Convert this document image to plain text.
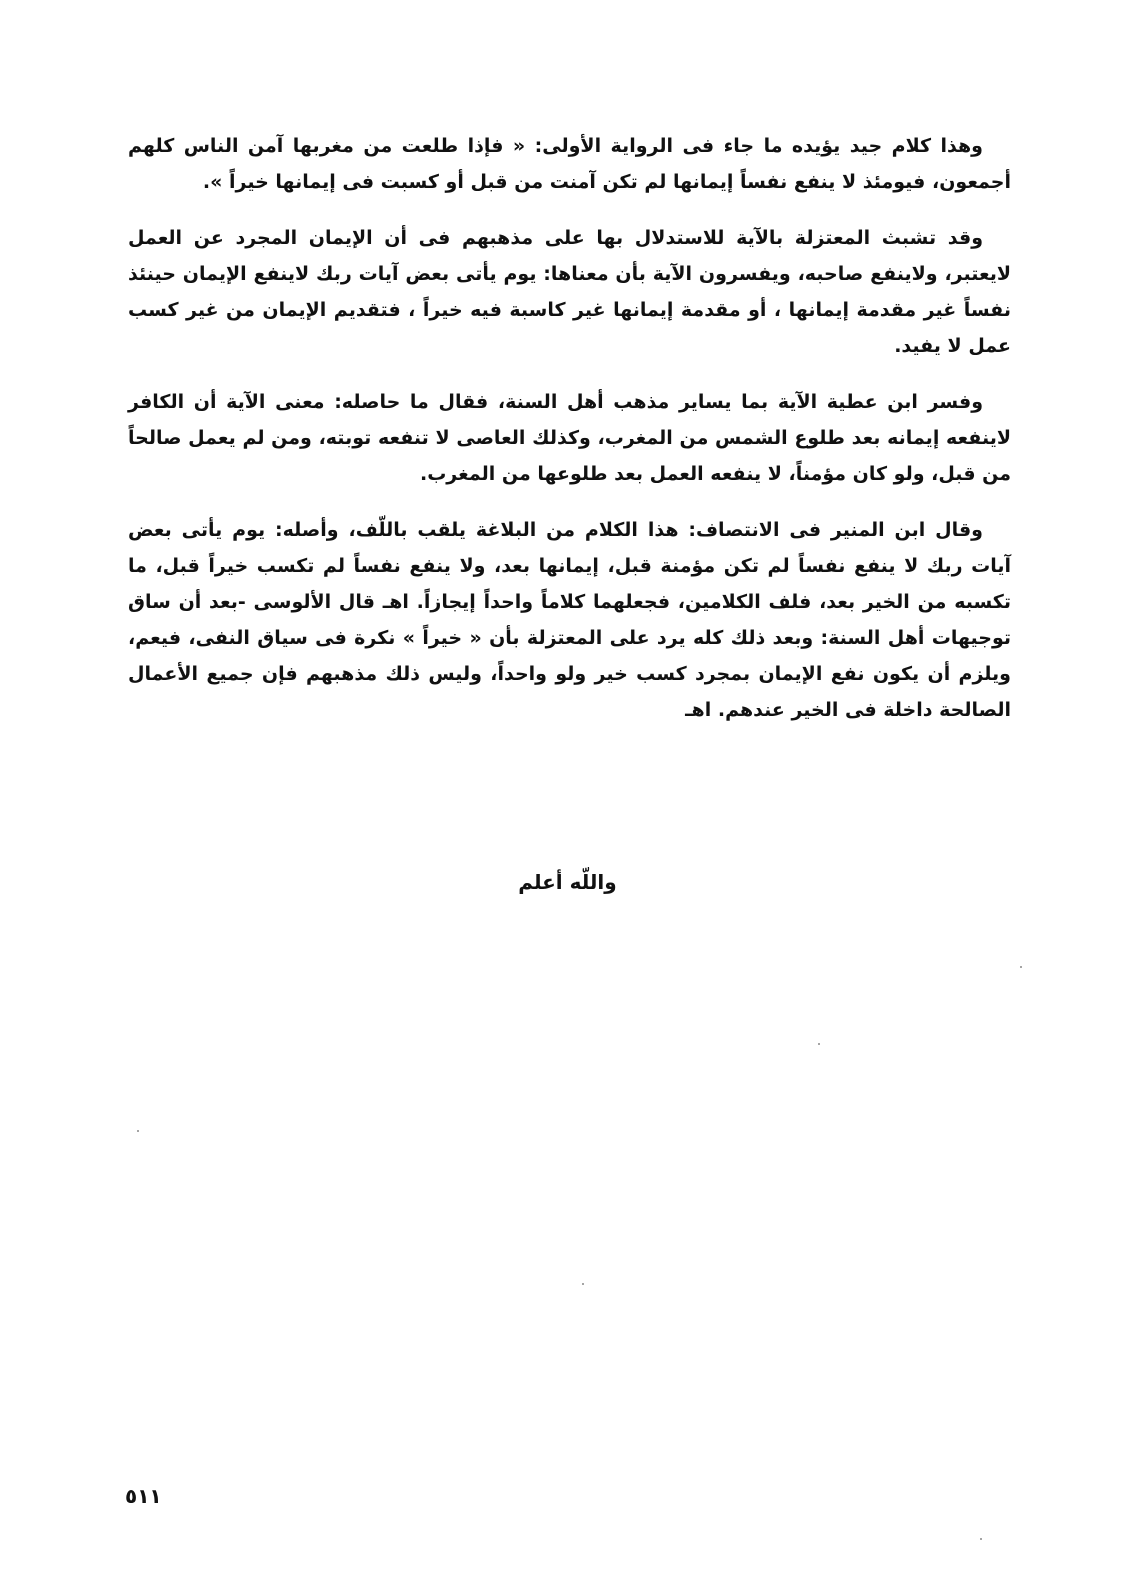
وهذا كلام جيد يؤيده ما جاء فى الرواية الأولى: « فإذا طلعت من مغربها آمن الناس كلهم أجمعون، فيومئذ لا ينفع نفساً إيمانها لم تكن آمنت من قبل أو كسبت فى إيمانها خيراً ».

وقد تشبث المعتزلة بالآية للاستدلال بها على مذهبهم فى أن الإيمان المجرد عن العمل لايعتبر، ولاينفع صاحبه، ويفسرون الآية بأن معناها: يوم يأتى بعض آيات ربك لاينفع الإيمان حينئذ نفساً غير مقدمة إيمانها ، أو مقدمة إيمانها غير كاسبة فيه خيراً ، فتقديم الإيمان من غير كسب عمل لا يفيد.

وفسر ابن عطية الآية بما يساير مذهب أهل السنة، فقال ما حاصله: معنى الآية أن الكافر لاينفعه إيمانه بعد طلوع الشمس من المغرب، وكذلك العاصى لا تنفعه توبته، ومن لم يعمل صالحاً من قبل، ولو كان مؤمناً، لا ينفعه العمل بعد طلوعها من المغرب.

وقال ابن المنير فى الانتصاف: هذا الكلام من البلاغة يلقب باللّف، وأصله: يوم يأتى بعض آيات ربك لا ينفع نفساً لم تكن مؤمنة قبل، إيمانها بعد، ولا ينفع نفساً لم تكسب خيراً قبل، ما تكسبه من الخير بعد، فلف الكلامين، فجعلهما كلاماً واحداً إيجازاً. اهـ قال الألوسى -بعد أن ساق توجيهات أهل السنة: وبعد ذلك كله يرد على المعتزلة بأن « خيراً » نكرة فى سياق النفى، فيعم، ويلزم أن يكون نفع الإيمان بمجرد كسب خير ولو واحداً، وليس ذلك مذهبهم فإن جميع الأعمال الصالحة داخلة فى الخير عندهم. اهـ

واللّه أعلم
٥١١
